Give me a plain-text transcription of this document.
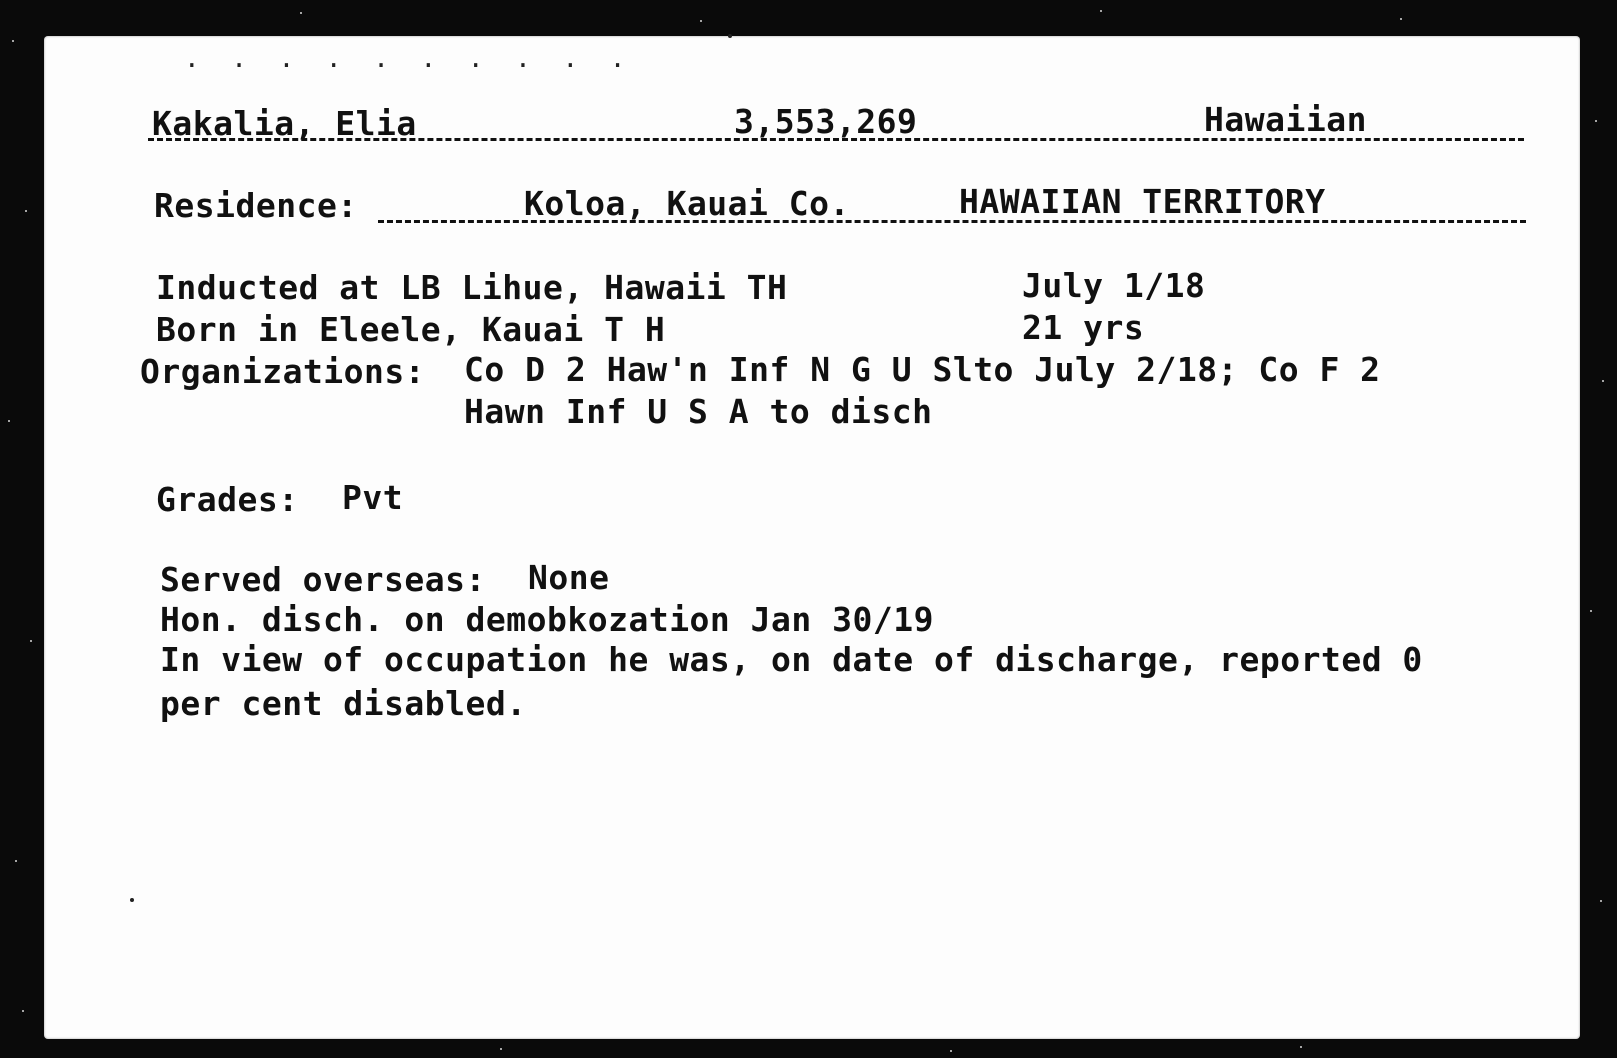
. . . . . . . . . .
Kakalia, Elia	3,553,269	Hawaiian
Residence:	Koloa, Kauai Co.	HAWAIIAN TERRITORY
Inducted at LB Lihue, Hawaii TH	July 1/18
Born in Eleele, Kauai T H	21 yrs
Organizations: Co D 2 Haw'n Inf N G U Slto July 2/18; Co F 2
Hawn Inf U S A to disch
Grades: Pvt
Served overseas: None
Hon. disch. on demobkozation Jan 30/19
In view of occupation he was, on date of discharge, reported 0
per cent disabled.
